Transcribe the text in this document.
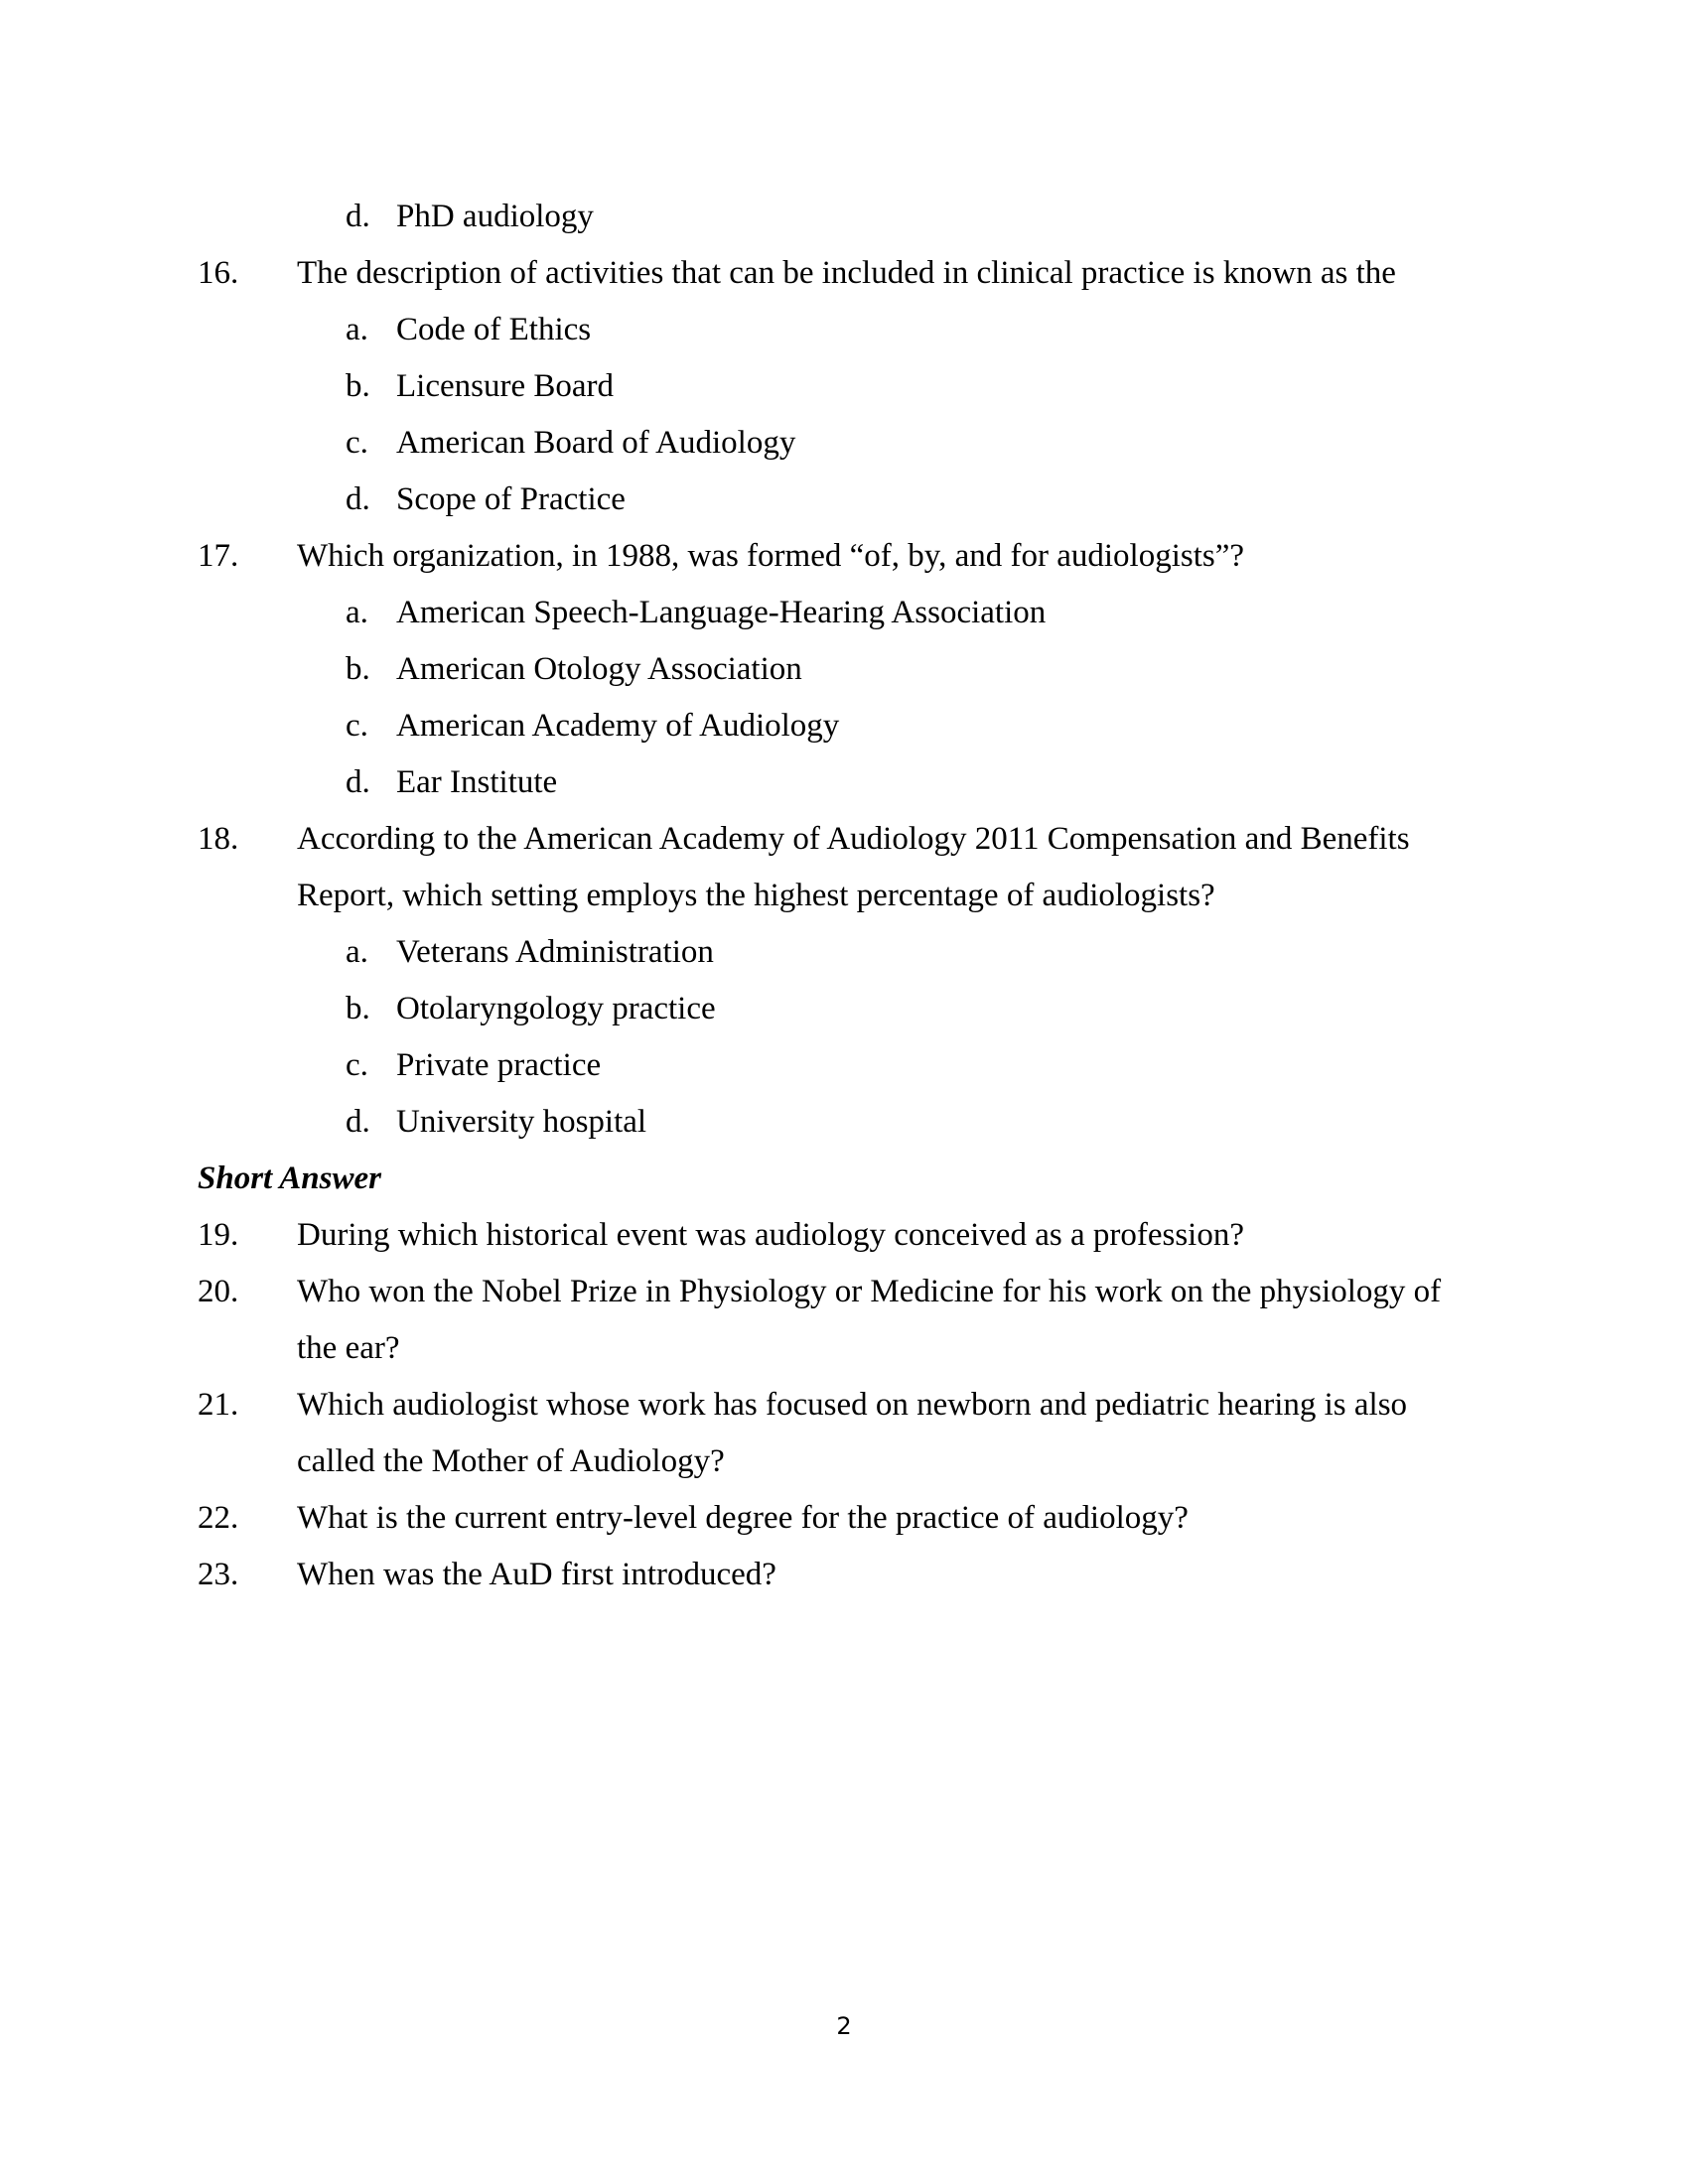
d. PhD audiology
16. The description of activities that can be included in clinical practice is known as the
a. Code of Ethics
b. Licensure Board
c. American Board of Audiology
d. Scope of Practice
17. Which organization, in 1988, was formed “of, by, and for audiologists”?
a. American Speech-Language-Hearing Association
b. American Otology Association
c. American Academy of Audiology
d. Ear Institute
18. According to the American Academy of Audiology 2011 Compensation and Benefits
Report, which setting employs the highest percentage of audiologists?
a. Veterans Administration
b. Otolaryngology practice
c. Private practice
d. University hospital
Short Answer
19. During which historical event was audiology conceived as a profession?
20. Who won the Nobel Prize in Physiology or Medicine for his work on the physiology of
the ear?
21. Which audiologist whose work has focused on newborn and pediatric hearing is also
called the Mother of Audiology?
22. What is the current entry-level degree for the practice of audiology?
23. When was the AuD first introduced?
2
